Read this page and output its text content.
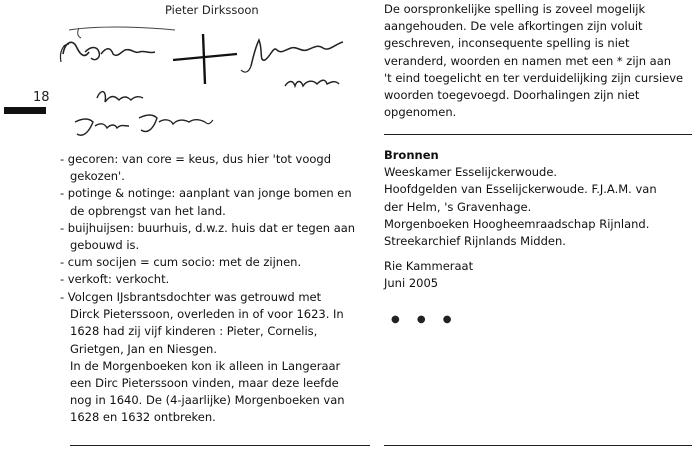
Pieter Dirkssoon
18
- gecoren: van core = keus, dus hier 'tot voogd gekozen'.
- potinge & notinge: aanplant van jonge bomen en de opbrengst van het land.
- buijhuijsen: buurhuis, d.w.z. huis dat er tegen aan gebouwd is.
- cum socijen = cum socio: met de zijnen.
- verkoft: verkocht.
- Volcgen IJsbrantsdochter was getrouwd met
Dirck Pieterssoon, overleden in of voor 1623. In
1628 had zij vijf kinderen : Pieter, Cornelis,
Grietgen, Jan en Niesgen.
In de Morgenboeken kon ik alleen in Langeraar
een Dirc Pieterssoon vinden, maar deze leefde
nog in 1640. De (4-jaarlijke) Morgenboeken van
1628 en 1632 ontbreken.
De oorspronkelijke spelling is zoveel mogelijk
aangehouden. De vele afkortingen zijn voluit
geschreven, inconsequente spelling is niet
veranderd, woorden en namen met een * zijn aan
't eind toegelicht en ter verduidelijking zijn cursieve
woorden toegevoegd. Doorhalingen zijn niet
opgenomen.
Bronnen
Weeskamer Esselijckerwoude.
Hoofdgelden van Esselijckerwoude. F.J.A.M. van
der Helm, 's Gravenhage.
Morgenboeken Hoogheemraadschap Rijnland.
Streekarchief Rijnlands Midden.
Rie Kammeraat
Juni 2005
● ● ●
